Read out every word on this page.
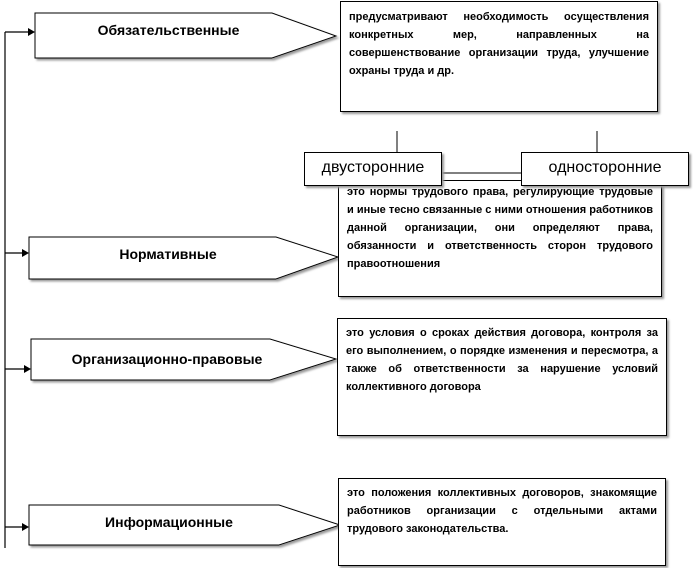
Обязательственные
Нормативные
Организационно-правовые
Информационные

предусматривают необходимость осуществления конкретных мер, направленных на совершенствование организации труда, улучшение охраны труда и др.

это нормы трудового права, регулирующие трудовые и иные тесно связанные с ними отношения работников данной организации, они определяют права, обязанности и ответственность сторон трудового правоотношения

это условия о сроках действия договора, контроля за его выполнением, о порядке изменения и пересмотра, а также об ответственности за нарушение условий коллективного договора

это положения коллективных договоров, знакомящие работников организации с отдельными актами трудового законодательства.

двусторонние	односторонние
